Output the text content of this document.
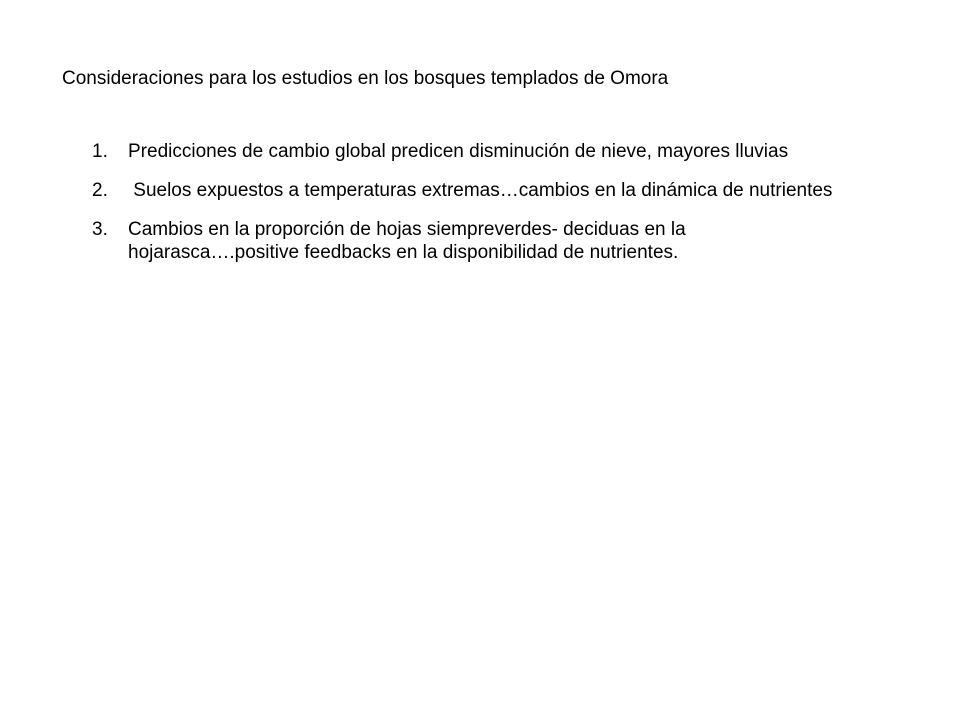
Consideraciones para los estudios en los bosques templados de Omora
1.	Predicciones de cambio global predicen disminución de nieve, mayores lluvias
2.	Suelos expuestos a temperaturas extremas…cambios en la dinámica de nutrientes
3.	Cambios en la proporción de hojas siempreverdes- deciduas en la hojarasca….positive feedbacks en la disponibilidad de nutrientes.
